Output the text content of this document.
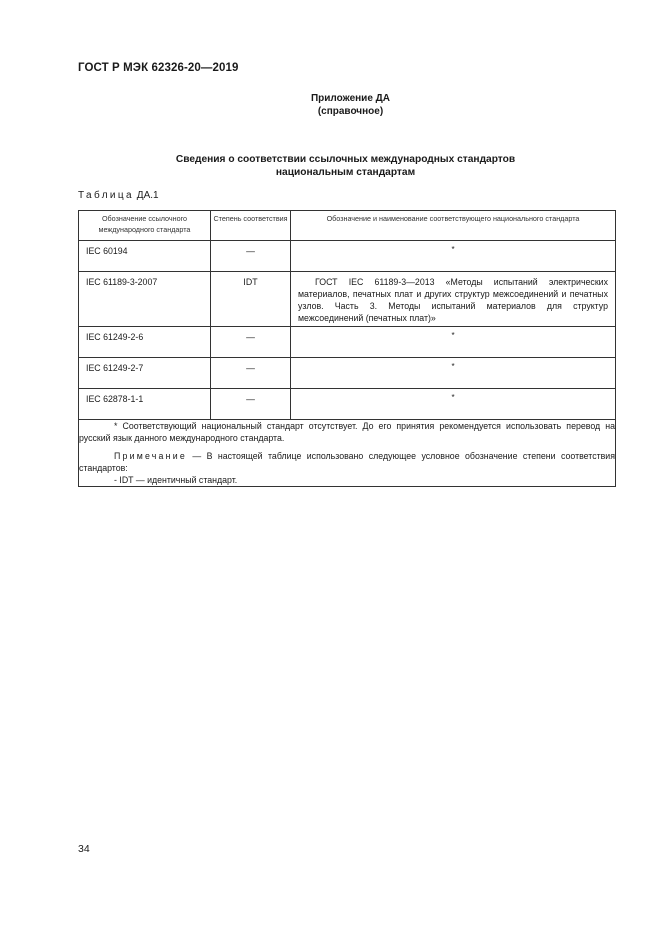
ГОСТ Р МЭК 62326-20—2019
Приложение ДА
(справочное)
Сведения о соответствии ссылочных международных стандартов
национальным стандартам
Таблица ДА.1
Обозначение ссылочного международного стандарта	Степень соответствия	Обозначение и наименование соответствующего национального стандарта
IEC 60194	—	*
IEC 61189-3-2007	IDT	ГОСТ IEC 61189-3—2013 «Методы испытаний электрических материалов, печатных плат и других структур межсоединений и печатных узлов. Часть 3. Методы испытаний материалов для структур межсоединений (печатных плат)»
IEC 61249-2-6	—	*
IEC 61249-2-7	—	*
IEC 62878-1-1	—	*

* Соответствующий национальный стандарт отсутствует. До его принятия рекомендуется использовать перевод на русский язык данного международного стандарта.

Примечание — В настоящей таблице использовано следующее условное обозначение степени соответствия стандартов:

- IDT — идентичный стандарт.		

34
